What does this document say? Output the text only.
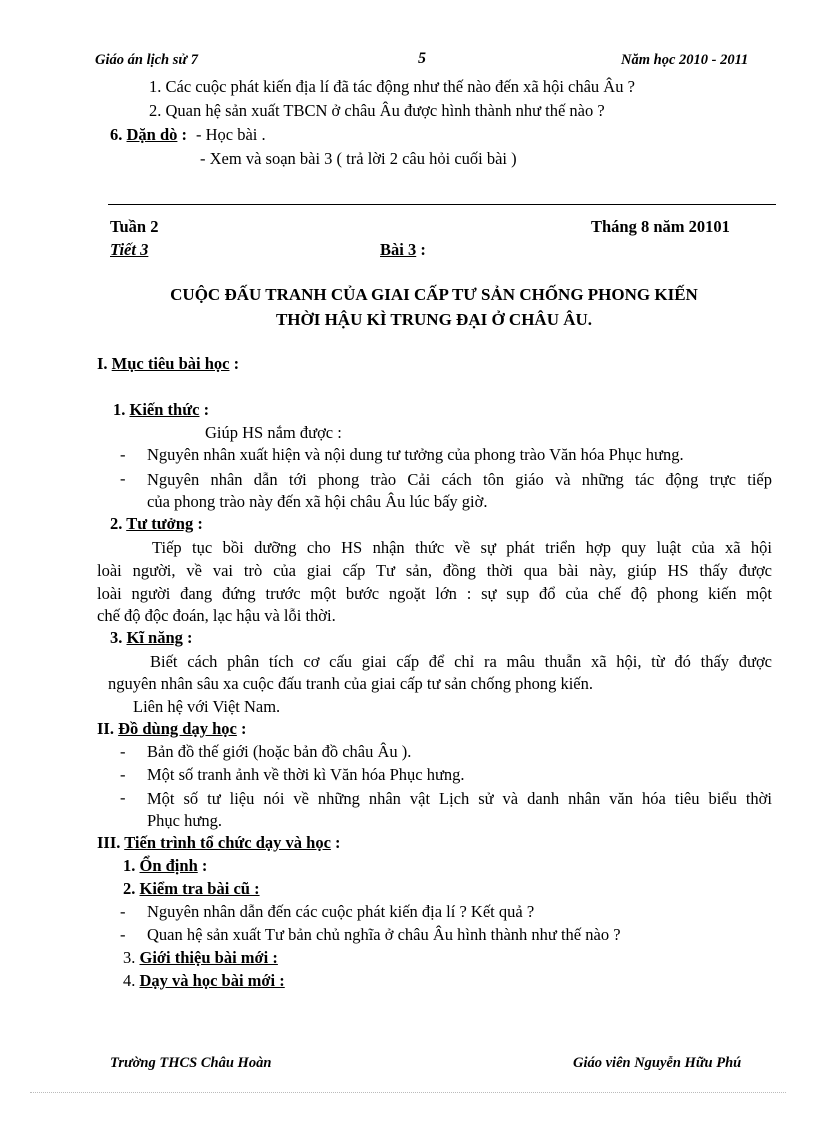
Giáo án lịch sử 7	5	Năm học 2010 - 2011
1. Các cuộc phát kiến địa lí đã tác động như thế nào đến xã hội châu Âu ?
2. Quan hệ sản xuất TBCN ở châu Âu được hình thành như thế nào ?
6. Dặn dò : - Học bài .
- Xem và soạn bài 3 ( trả lời 2 câu hỏi cuối bài )
Tuần 2	Tháng 8 năm 20101
Tiết 3	Bài 3 :
CUỘC ĐẤU TRANH CỦA GIAI CẤP TƯ SẢN CHỐNG PHONG KIẾN
THỜI HẬU KÌ TRUNG ĐẠI Ở CHÂU ÂU.
I. Mục tiêu bài học :
1. Kiến thức :
Giúp HS nắm được :
- Nguyên nhân xuất hiện và nội dung tư tưởng của phong trào Văn hóa Phục hưng.
- Nguyên nhân dẫn tới phong trào Cải cách tôn giáo và những tác động trực tiếp
của phong trào này đến xã hội châu Âu lúc bấy giờ.
2. Tư tưởng :
Tiếp tục bồi dưỡng cho HS nhận thức về sự phát triển hợp quy luật của xã hội
loài người, về vai trò của giai cấp Tư sản, đồng thời qua bài này, giúp HS thấy được
loài người đang đứng trước một bước ngoặt lớn : sự sụp đổ của chế độ phong kiến một
chế độ độc đoán, lạc hậu và lỗi thời.
3. Kĩ năng :
Biết cách phân tích cơ cấu giai cấp để chỉ ra mâu thuẫn xã hội, từ đó thấy được
nguyên nhân sâu xa cuộc đấu tranh của giai cấp tư sản chống phong kiến.
Liên hệ với Việt Nam.
II. Đồ dùng dạy học :
- Bản đồ thế giới (hoặc bản đồ châu Âu ).
- Một số tranh ảnh về thời kì Văn hóa Phục hưng.
- Một số tư liệu nói về những nhân vật Lịch sử và danh nhân văn hóa tiêu biểu thời
Phục hưng.
III. Tiến trình tổ chức dạy và học :
1. Ổn định :
2. Kiểm tra bài cũ :
- Nguyên nhân dẫn đến các cuộc phát kiến địa lí ? Kết quả ?
- Quan hệ sản xuất Tư bản chủ nghĩa ở châu Âu hình thành như thế nào ?
3. Giới thiệu bài mới :
4. Dạy và học bài mới :
Trường THCS Châu Hoàn	Giáo viên Nguyễn Hữu Phú
